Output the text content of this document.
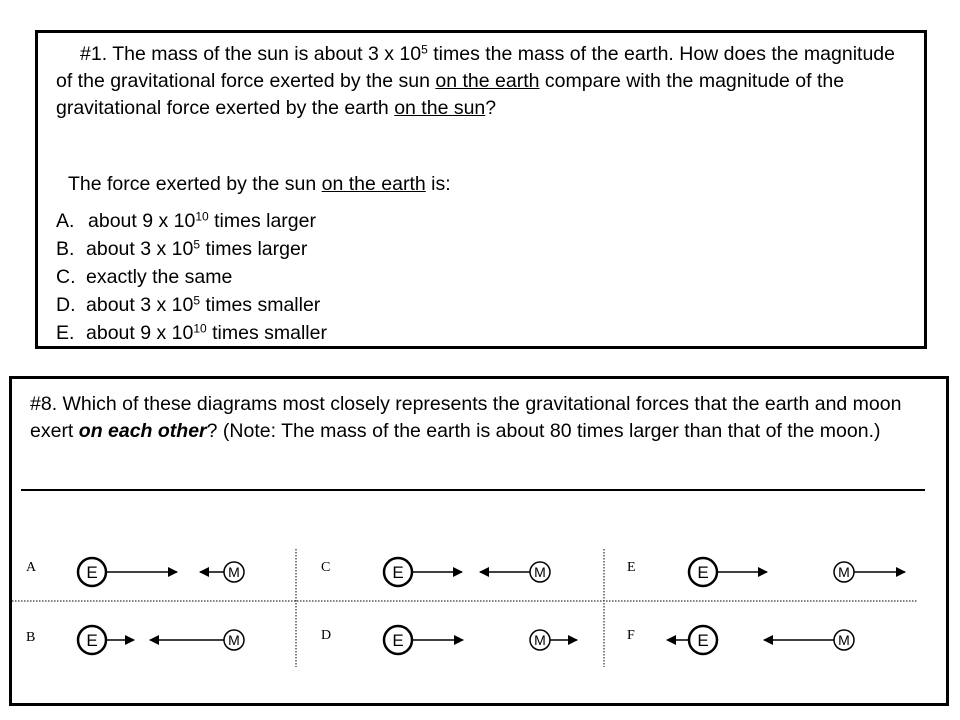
#1. The mass of the sun is about 3 x $10^5$ times the mass of the earth. How does the magnitude of the gravitational force exerted by the sun on the earth compare with the magnitude of the gravitational force exerted by the earth on the sun?
The force exerted by the sun on the earth is:
A. about 9 x $10^{10}$ times larger
B. about 3 x $10^5$ times larger
C. exactly the same
D. about 3 x $10^5$ times smaller
E. about 9 x $10^{10}$ times smaller
#8. Which of these diagrams most closely represents the gravitational forces that the earth and moon exert on each other? (Note: The mass of the earth is about 80 times larger than that of the moon.)
A	E	M	C	E	M	E	E	M
B	E	M	D	E	M	F	E	M
